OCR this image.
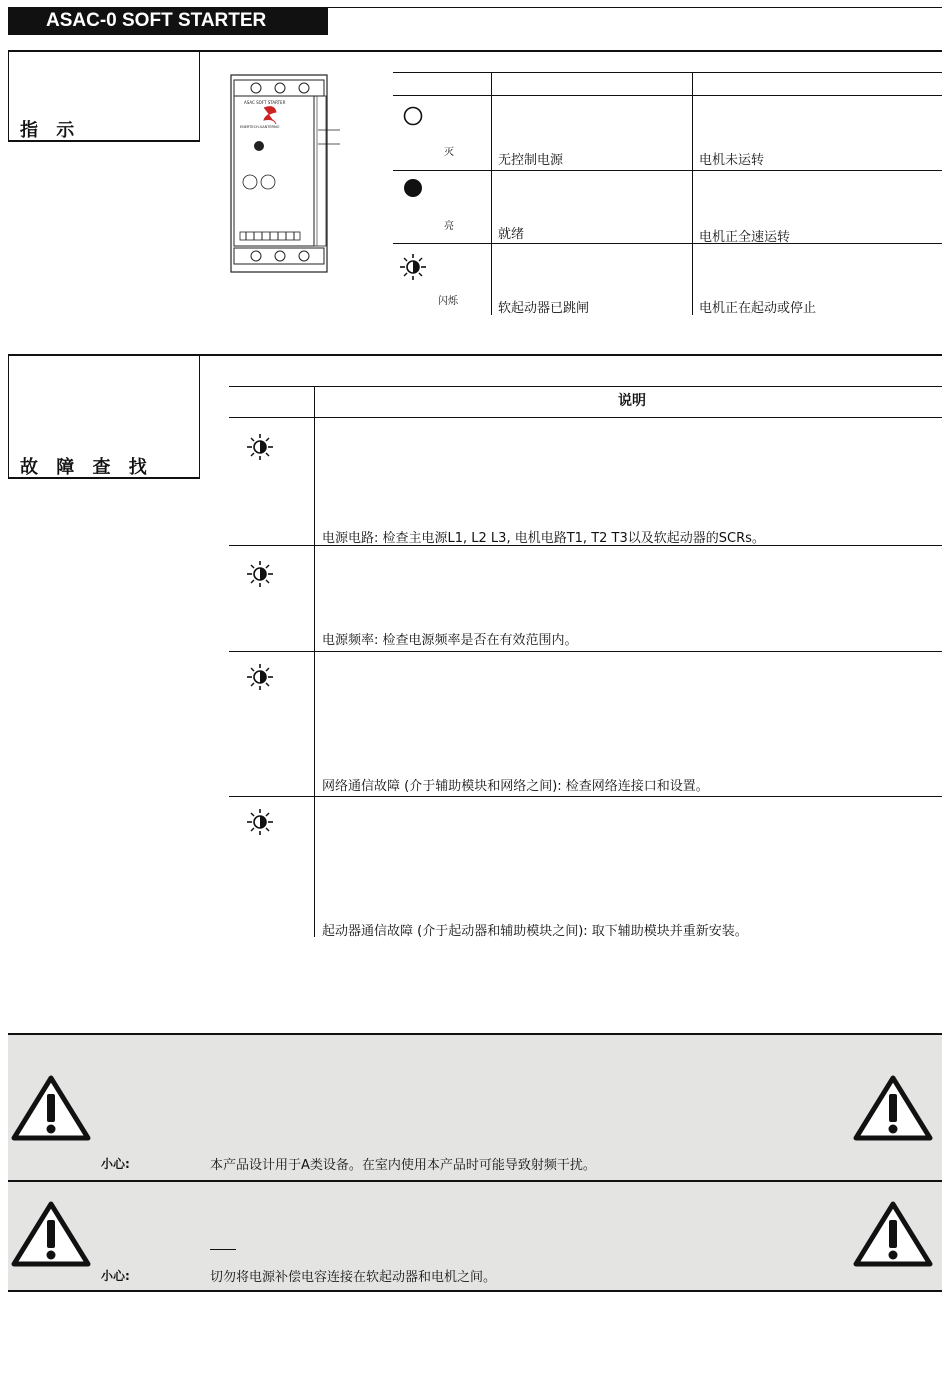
ASAC-0 SOFT STARTER
指 示
ASAC SOFT STARTER
ENERTECH-SANTERNO
灭
无控制电源	电机未运转
亮
就绪	电机正全速运转
闪烁	软起动器已跳闸	电机正在起动或停止
故 障 查 找
说明
电源电路: 检查主电源L1, L2 L3, 电机电路T1, T2 T3以及软起动器的SCRs。
电源频率: 检查电源频率是否在有效范围内。
网络通信故障 (介于辅助模块和网络之间): 检查网络连接口和设置。
起动器通信故障 (介于起动器和辅助模块之间): 取下辅助模块并重新安装。
小心:	本产品设计用于A类设备。在室内使用本产品时可能导致射频干扰。
小心:	切勿将电源补偿电容连接在软起动器和电机之间。
